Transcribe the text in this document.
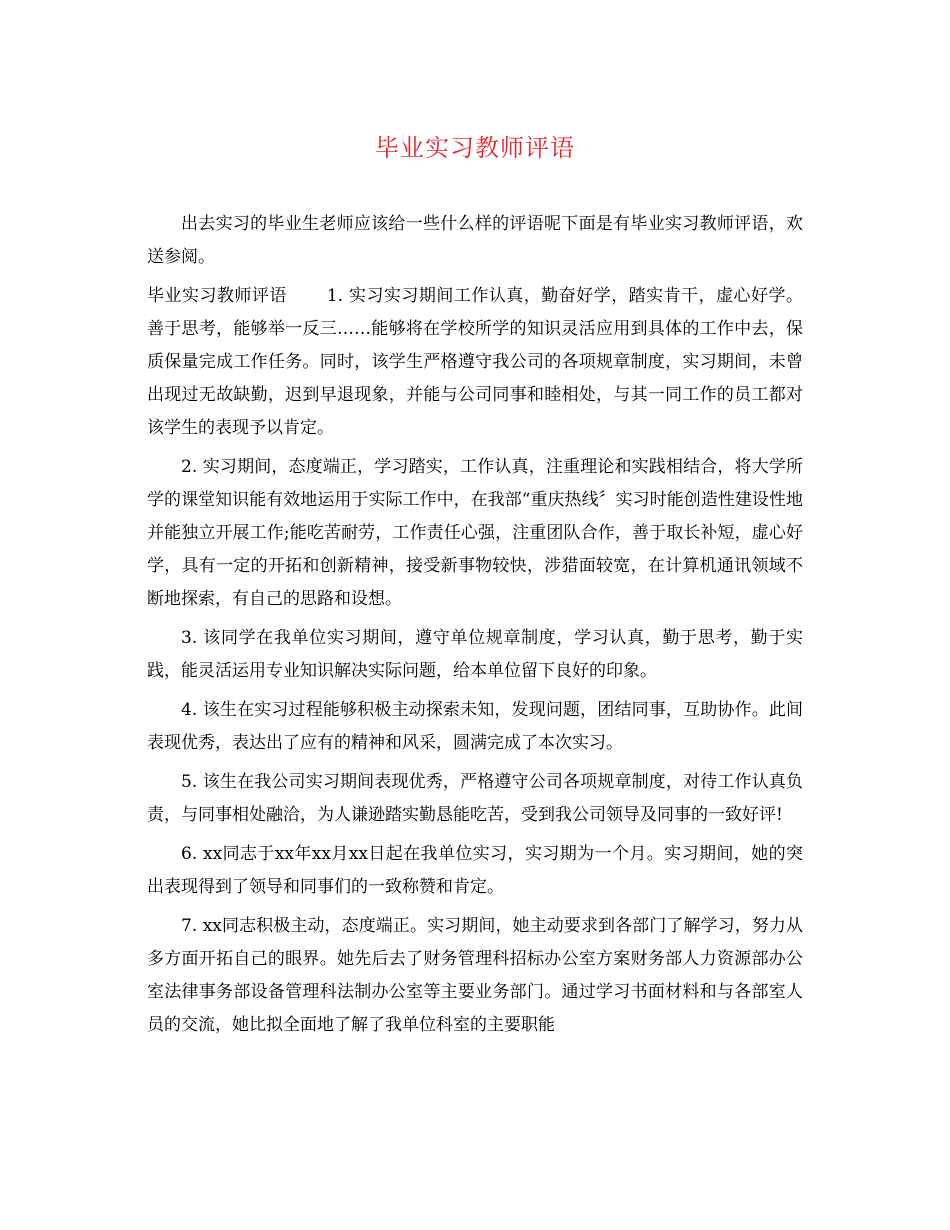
毕业实习教师评语

出去实习的毕业生老师应该给一些什么样的评语呢下面是有毕业实习教师评语，欢送参阅。

毕业实习教师评语 1. 实习实习期间工作认真，勤奋好学，踏实肯干，虚心好学。善于思考，能够举一反三……能够将在学校所学的知识灵活应用到具体的工作中去，保质保量完成工作任务。同时，该学生严格遵守我公司的各项规章制度，实习期间，未曾出现过无故缺勤，迟到早退现象，并能与公司同事和睦相处，与其一同工作的员工都对该学生的表现予以肯定。

2. 实习期间，态度端正，学习踏实，工作认真，注重理论和实践相结合，将大学所学的课堂知识能有效地运用于实际工作中，在我部“重庆热线〞实习时能创造性建设性地并能独立开展工作;能吃苦耐劳，工作责任心强，注重团队合作，善于取长补短，虚心好学，具有一定的开拓和创新精神，接受新事物较快，涉猎面较宽，在计算机通讯领域不断地探索，有自己的思路和设想。

3. 该同学在我单位实习期间，遵守单位规章制度，学习认真，勤于思考，勤于实践，能灵活运用专业知识解决实际问题，给本单位留下良好的印象。

4. 该生在实习过程能够积极主动探索未知，发现问题，团结同事，互助协作。此间表现优秀，表达出了应有的精神和风采，圆满完成了本次实习。

5. 该生在我公司实习期间表现优秀，严格遵守公司各项规章制度，对待工作认真负责，与同事相处融洽，为人谦逊踏实勤恳能吃苦，受到我公司领导及同事的一致好评!

6. xx同志于xx年xx月xx日起在我单位实习，实习期为一个月。实习期间，她的突出表现得到了领导和同事们的一致称赞和肯定。

7. xx同志积极主动，态度端正。实习期间，她主动要求到各部门了解学习，努力从多方面开拓自己的眼界。她先后去了财务管理科招标办公室方案财务部人力资源部办公室法律事务部设备管理科法制办公室等主要业务部门。通过学习书面材料和与各部室人员的交流，她比拟全面地了解了我单位科室的主要职能
